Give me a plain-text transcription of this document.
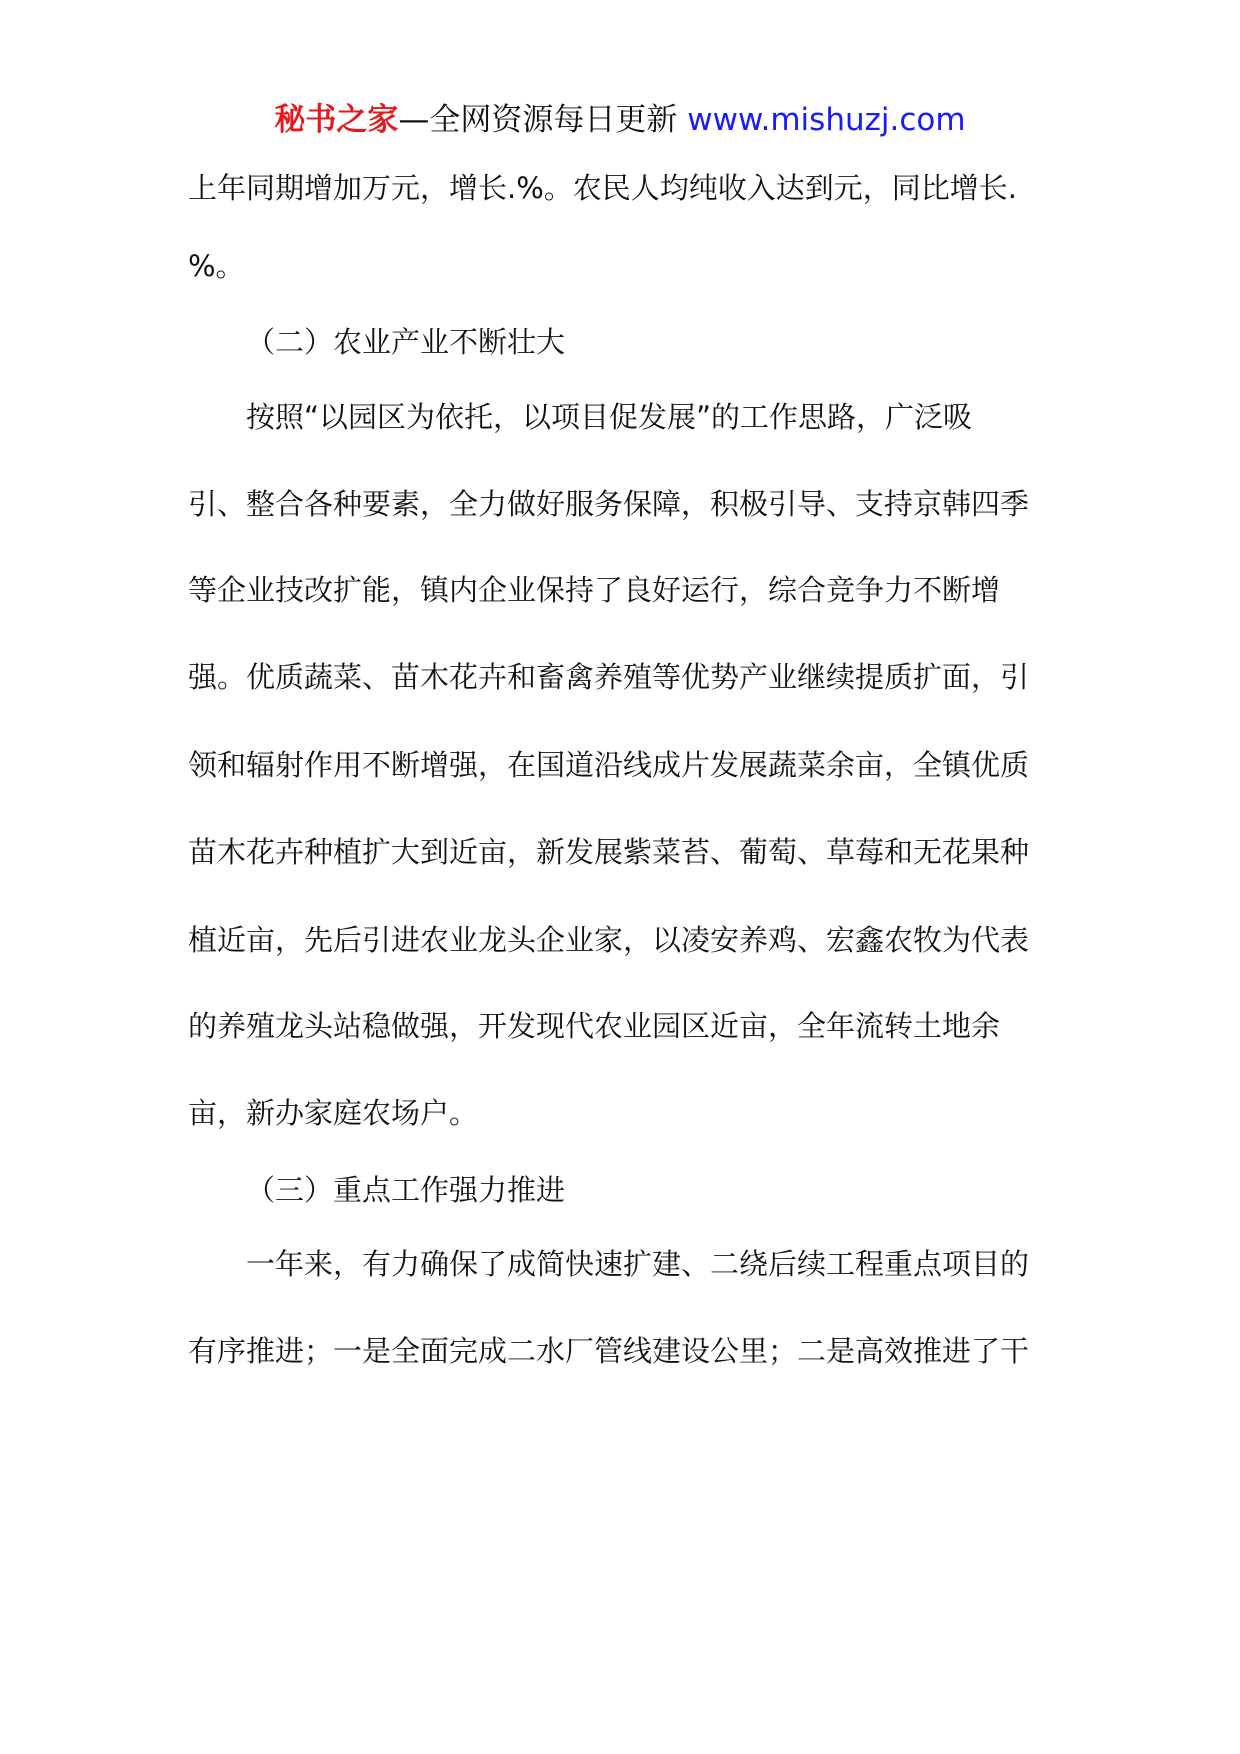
秘书之家—全网资源每日更新 www.mishuzj.com
上年同期增加万元，增长.%。农民人均纯收入达到元，同比增长.
%。
（二）农业产业不断壮大
按照“以园区为依托，以项目促发展”的工作思路，广泛吸
引、整合各种要素，全力做好服务保障，积极引导、支持京韩四季
等企业技改扩能，镇内企业保持了良好运行，综合竞争力不断增
强。优质蔬菜、苗木花卉和畜禽养殖等优势产业继续提质扩面，引
领和辐射作用不断增强，在国道沿线成片发展蔬菜余亩，全镇优质
苗木花卉种植扩大到近亩，新发展紫菜苔、葡萄、草莓和无花果种
植近亩，先后引进农业龙头企业家，以凌安养鸡、宏鑫农牧为代表
的养殖龙头站稳做强，开发现代农业园区近亩，全年流转土地余
亩，新办家庭农场户。
（三）重点工作强力推进
一年来，有力确保了成简快速扩建、二绕后续工程重点项目的
有序推进；一是全面完成二水厂管线建设公里；二是高效推进了干
